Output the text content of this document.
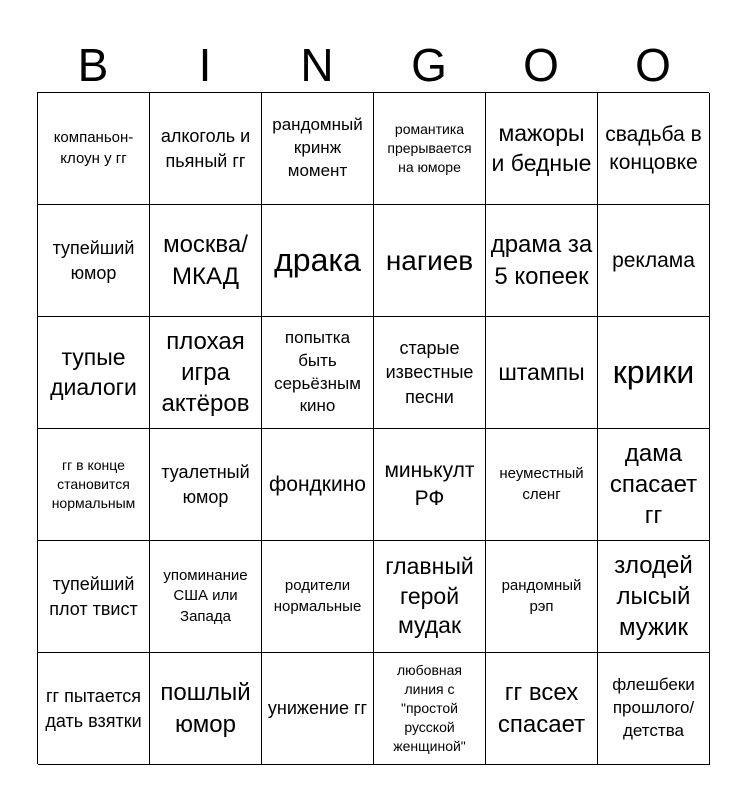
B	I	N	G	O	O
компаньон-клоун у гг
алкоголь и пьяный гг
рандомный кринж момент
романтика прерывается на юморе
мажоры и бедные
свадьба в концовке
тупейший юмор
москва/МКАД	драка нагиев драма за 5 копеек
реклама
тупые диалоги
плохая игра актёров
попытка быть серьёзным кино
старые известные песни
штампы крики
гг в конце становится нормальным
туалетный юмор
фондкино
минькулт РФ
неуместный сленг
дама спасает гг
тупейший плот твист
упоминание США или Запада
родители нормальные
главный герой мудак
рандомный рэп
злодей лысый мужик
гг пытается дать взятки
пошлый юмор
унижение гг
любовная линия с "простой русской женщиной"
гг всех спасает
флешбеки прошлого/детства
